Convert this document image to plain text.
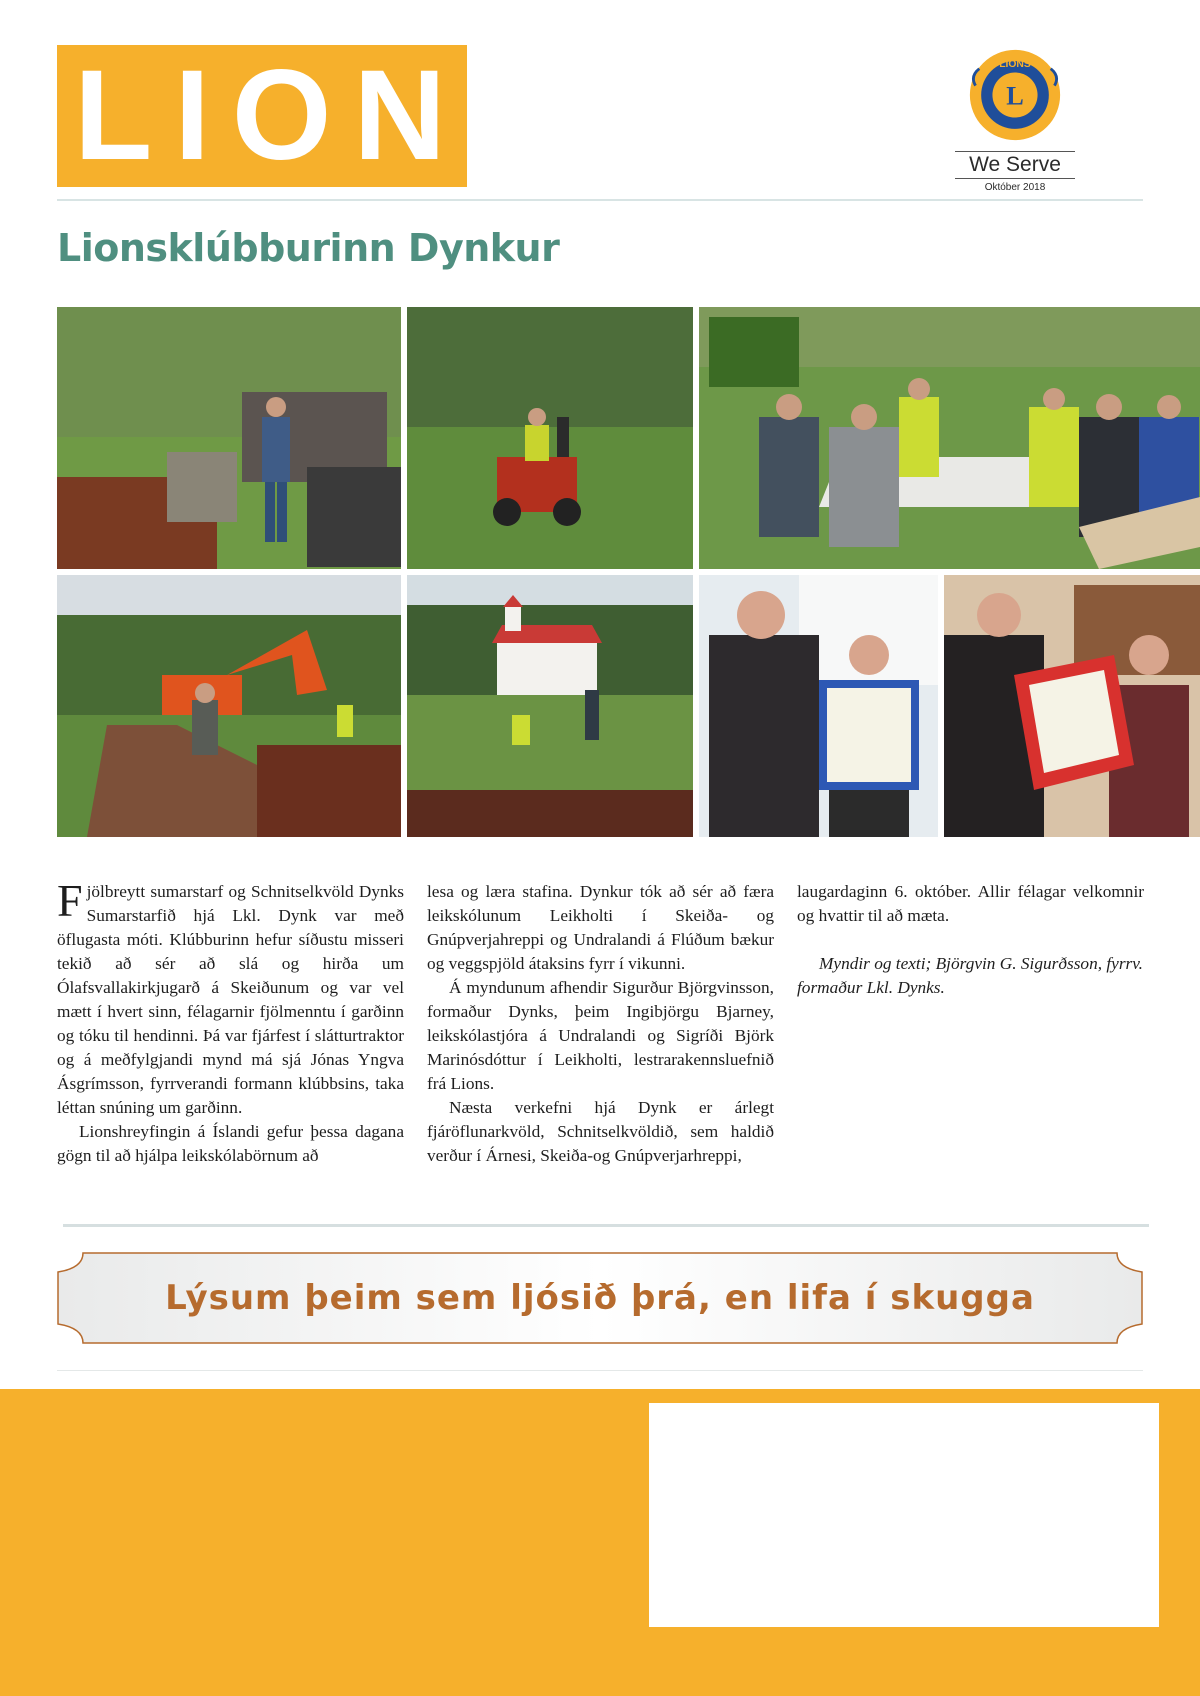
LION	L
LIONS
We Serve
Október 2018
Lionsklúbburinn Dynkur

Fjölbreytt sumarstarf og Schnitselkvöld Dynks Sumarstarfið hjá Lkl. Dynk var með öflugasta móti. Klúbburinn hefur síðustu misseri tekið að sér að slá og hirða um Ólafsvallakirkjugarð á Skeiðunum og var vel mætt í hvert sinn, félagarnir fjölmenntu í garðinn og tóku til hendinni. Þá var fjárfest í slátturtraktor og á meðfylgjandi mynd má sjá Jónas Yngva Ásgrímsson, fyrrverandi formann klúbbsins, taka léttan snúning um garðinn.

Lionshreyfingin á Íslandi gefur þessa dagana gögn til að hjálpa leikskólabörnum að

lesa og læra stafina. Dynkur tók að sér að færa leikskólunum Leikholti í Skeiða- og Gnúpverjahreppi og Undralandi á Flúðum bækur og veggspjöld átaksins fyrr í vikunni.

Á myndunum afhendir Sigurður Björgvinsson, formaður Dynks, þeim Ingibjörgu Bjarney, leikskólastjóra á Undralandi og Sigríði Björk Marinósdóttur í Leikholti, lestrarakennsluefnið frá Lions.

Næsta verkefni hjá Dynk er árlegt fjáröflunarkvöld, Schnitselkvöldið, sem haldið verður í Árnesi, Skeiða-og Gnúpverjarhreppi,

laugardaginn 6. október. Allir félagar velkomnir og hvattir til að mæta.

Myndir og texti; Björgvin G. Sigurðsson, fyrrv. formaður Lkl. Dynks.

Lýsum þeim sem ljósið þrá, en lifa í skugga
